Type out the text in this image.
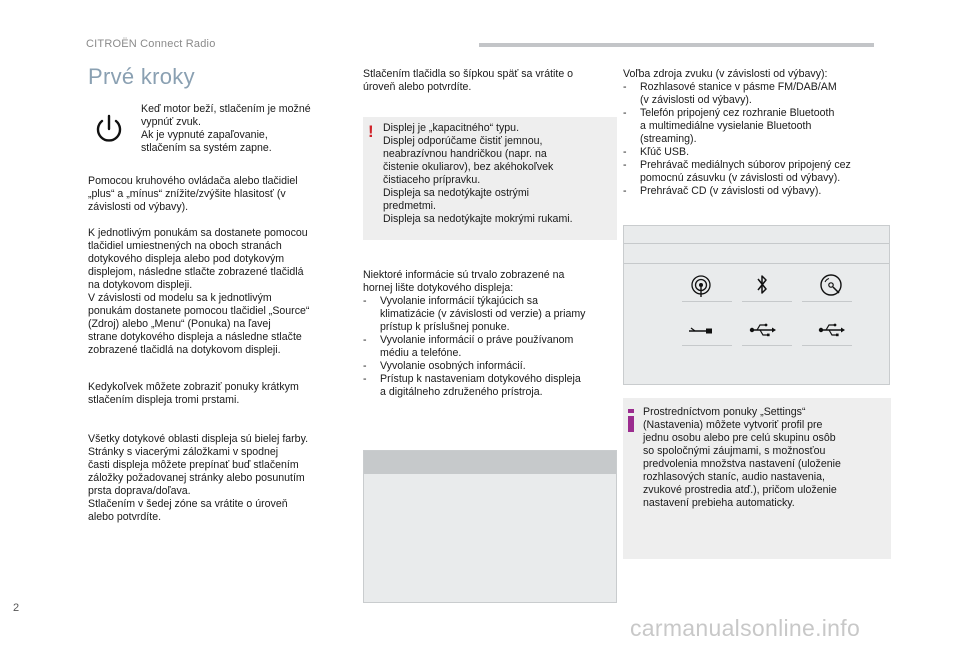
CITROËN Connect Radio
Prvé kroky

Keď motor beží, stlačením je možné

vypnúť zvuk.

Ak je vypnuté zapaľovanie,

stlačením sa systém zapne.

Pomocou kruhového ovládača alebo tlačidiel

„plus“ a „mínus“ znížite/zvýšite hlasitosť (v

závislosti od výbavy).

K jednotlivým ponukám sa dostanete pomocou

tlačidiel umiestnených na oboch stranách

dotykového displeja alebo pod dotykovým

displejom, následne stlačte zobrazené tlačidlá

na dotykovom displeji.

V závislosti od modelu sa k jednotlivým

ponukám dostanete pomocou tlačidiel „Source“

(Zdroj) alebo „Menu“ (Ponuka) na ľavej

strane dotykového displeja a následne stlačte

zobrazené tlačidlá na dotykovom displeji.

Kedykoľvek môžete zobraziť ponuky krátkym

stlačením displeja tromi prstami.

Všetky dotykové oblasti displeja sú bielej farby.

Stránky s viacerými záložkami v spodnej

časti displeja môžete prepínať buď stlačením

záložky požadovanej stránky alebo posunutím

prsta doprava/doľava.

Stlačením v šedej zóne sa vrátite o úroveň

alebo potvrdíte.

Stlačením tlačidla so šípkou späť sa vrátite o

úroveň alebo potvrdíte.

! Displej je „kapacitného“ typu.

Displej odporúčame čistiť jemnou,

neabrazívnou handričkou (napr. na

čistenie okuliarov), bez akéhokoľvek

čistiaceho prípravku.

Displeja sa nedotýkajte ostrými

predmetmi.

Displeja sa nedotýkajte mokrými rukami.

Niektoré informácie sú trvalo zobrazené na

hornej lište dotykového displeja:

- Vyvolanie informácií týkajúcich sa

klimatizácie (v závislosti od verzie) a priamy

prístup k príslušnej ponuke.

- Vyvolanie informácií o práve používanom

médiu a telefóne.

- Vyvolanie osobných informácií.

- Prístup k nastaveniam dotykového displeja

a digitálneho združeného prístroja.

Voľba zdroja zvuku (v závislosti od výbavy):

- Rozhlasové stanice v pásme FM/DAB/AM

(v závislosti od výbavy).

- Telefón pripojený cez rozhranie Bluetooth

a multimediálne vysielanie Bluetooth

(streaming).

- Kľúč USB.

- Prehrávač mediálnych súborov pripojený cez

pomocnú zásuvku (v závislosti od výbavy).

- Prehrávač CD (v závislosti od výbavy).

Prostredníctvom ponuky „Settings“

(Nastavenia) môžete vytvoriť profil pre

jednu osobu alebo pre celú skupinu osôb

so spoločnými záujmami, s možnosťou

predvolenia množstva nastavení (uloženie

rozhlasových staníc, audio nastavenia,

zvukové prostredia atď.), pričom uloženie

nastavení prebieha automaticky.

2
carmanualsonline.info
